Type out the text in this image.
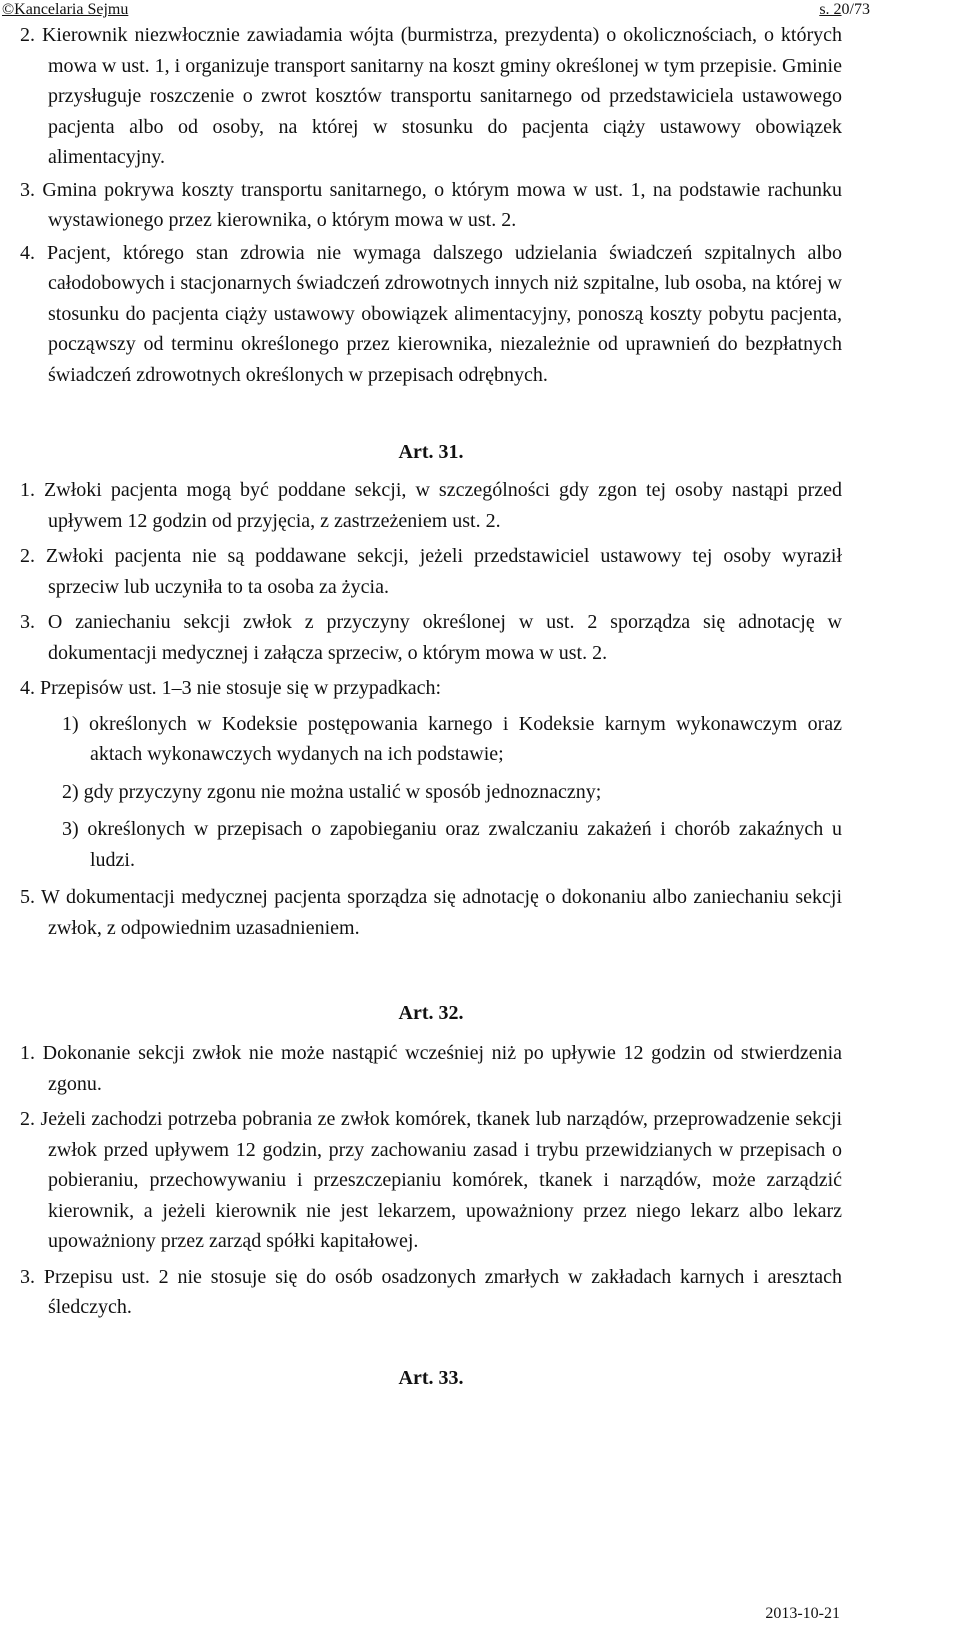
©Kancelaria Sejmu	s. 20/73

2. Kierownik niezwłocznie zawiadamia wójta (burmistrza, prezydenta) o okolicznościach, o których mowa w ust. 1, i organizuje transport sanitarny na koszt gminy określonej w tym przepisie. Gminie przysługuje roszczenie o zwrot kosztów transportu sanitarnego od przedstawiciela ustawowego pacjenta albo od osoby, na której w stosunku do pacjenta ciąży ustawowy obowiązek alimentacyjny.

3. Gmina pokrywa koszty transportu sanitarnego, o którym mowa w ust. 1, na podstawie rachunku wystawionego przez kierownika, o którym mowa w ust. 2.

4. Pacjent, którego stan zdrowia nie wymaga dalszego udzielania świadczeń szpitalnych albo całodobowych i stacjonarnych świadczeń zdrowotnych innych niż szpitalne, lub osoba, na której w stosunku do pacjenta ciąży ustawowy obowiązek alimentacyjny, ponoszą koszty pobytu pacjenta, począwszy od terminu określonego przez kierownika, niezależnie od uprawnień do bezpłatnych świadczeń zdrowotnych określonych w przepisach odrębnych.

Art. 31.

1. Zwłoki pacjenta mogą być poddane sekcji, w szczególności gdy zgon tej osoby nastąpi przed upływem 12 godzin od przyjęcia, z zastrzeżeniem ust. 2.

2. Zwłoki pacjenta nie są poddawane sekcji, jeżeli przedstawiciel ustawowy tej osoby wyraził sprzeciw lub uczyniła to ta osoba za życia.

3. O zaniechaniu sekcji zwłok z przyczyny określonej w ust. 2 sporządza się adnotację w dokumentacji medycznej i załącza sprzeciw, o którym mowa w ust. 2.

4. Przepisów ust. 1–3 nie stosuje się w przypadkach:

1) określonych w Kodeksie postępowania karnego i Kodeksie karnym wykonawczym oraz aktach wykonawczych wydanych na ich podstawie;

2) gdy przyczyny zgonu nie można ustalić w sposób jednoznaczny;

3) określonych w przepisach o zapobieganiu oraz zwalczaniu zakażeń i chorób zakaźnych u ludzi.

5. W dokumentacji medycznej pacjenta sporządza się adnotację o dokonaniu albo zaniechaniu sekcji zwłok, z odpowiednim uzasadnieniem.

Art. 32.

1. Dokonanie sekcji zwłok nie może nastąpić wcześniej niż po upływie 12 godzin od stwierdzenia zgonu.

2. Jeżeli zachodzi potrzeba pobrania ze zwłok komórek, tkanek lub narządów, przeprowadzenie sekcji zwłok przed upływem 12 godzin, przy zachowaniu zasad i trybu przewidzianych w przepisach o pobieraniu, przechowywaniu i przeszczepianiu komórek, tkanek i narządów, może zarządzić kierownik, a jeżeli kierownik nie jest lekarzem, upoważniony przez niego lekarz albo lekarz upoważniony przez zarząd spółki kapitałowej.

3. Przepisu ust. 2 nie stosuje się do osób osadzonych zmarłych w zakładach karnych i aresztach śledczych.

Art. 33.
2013-10-21
